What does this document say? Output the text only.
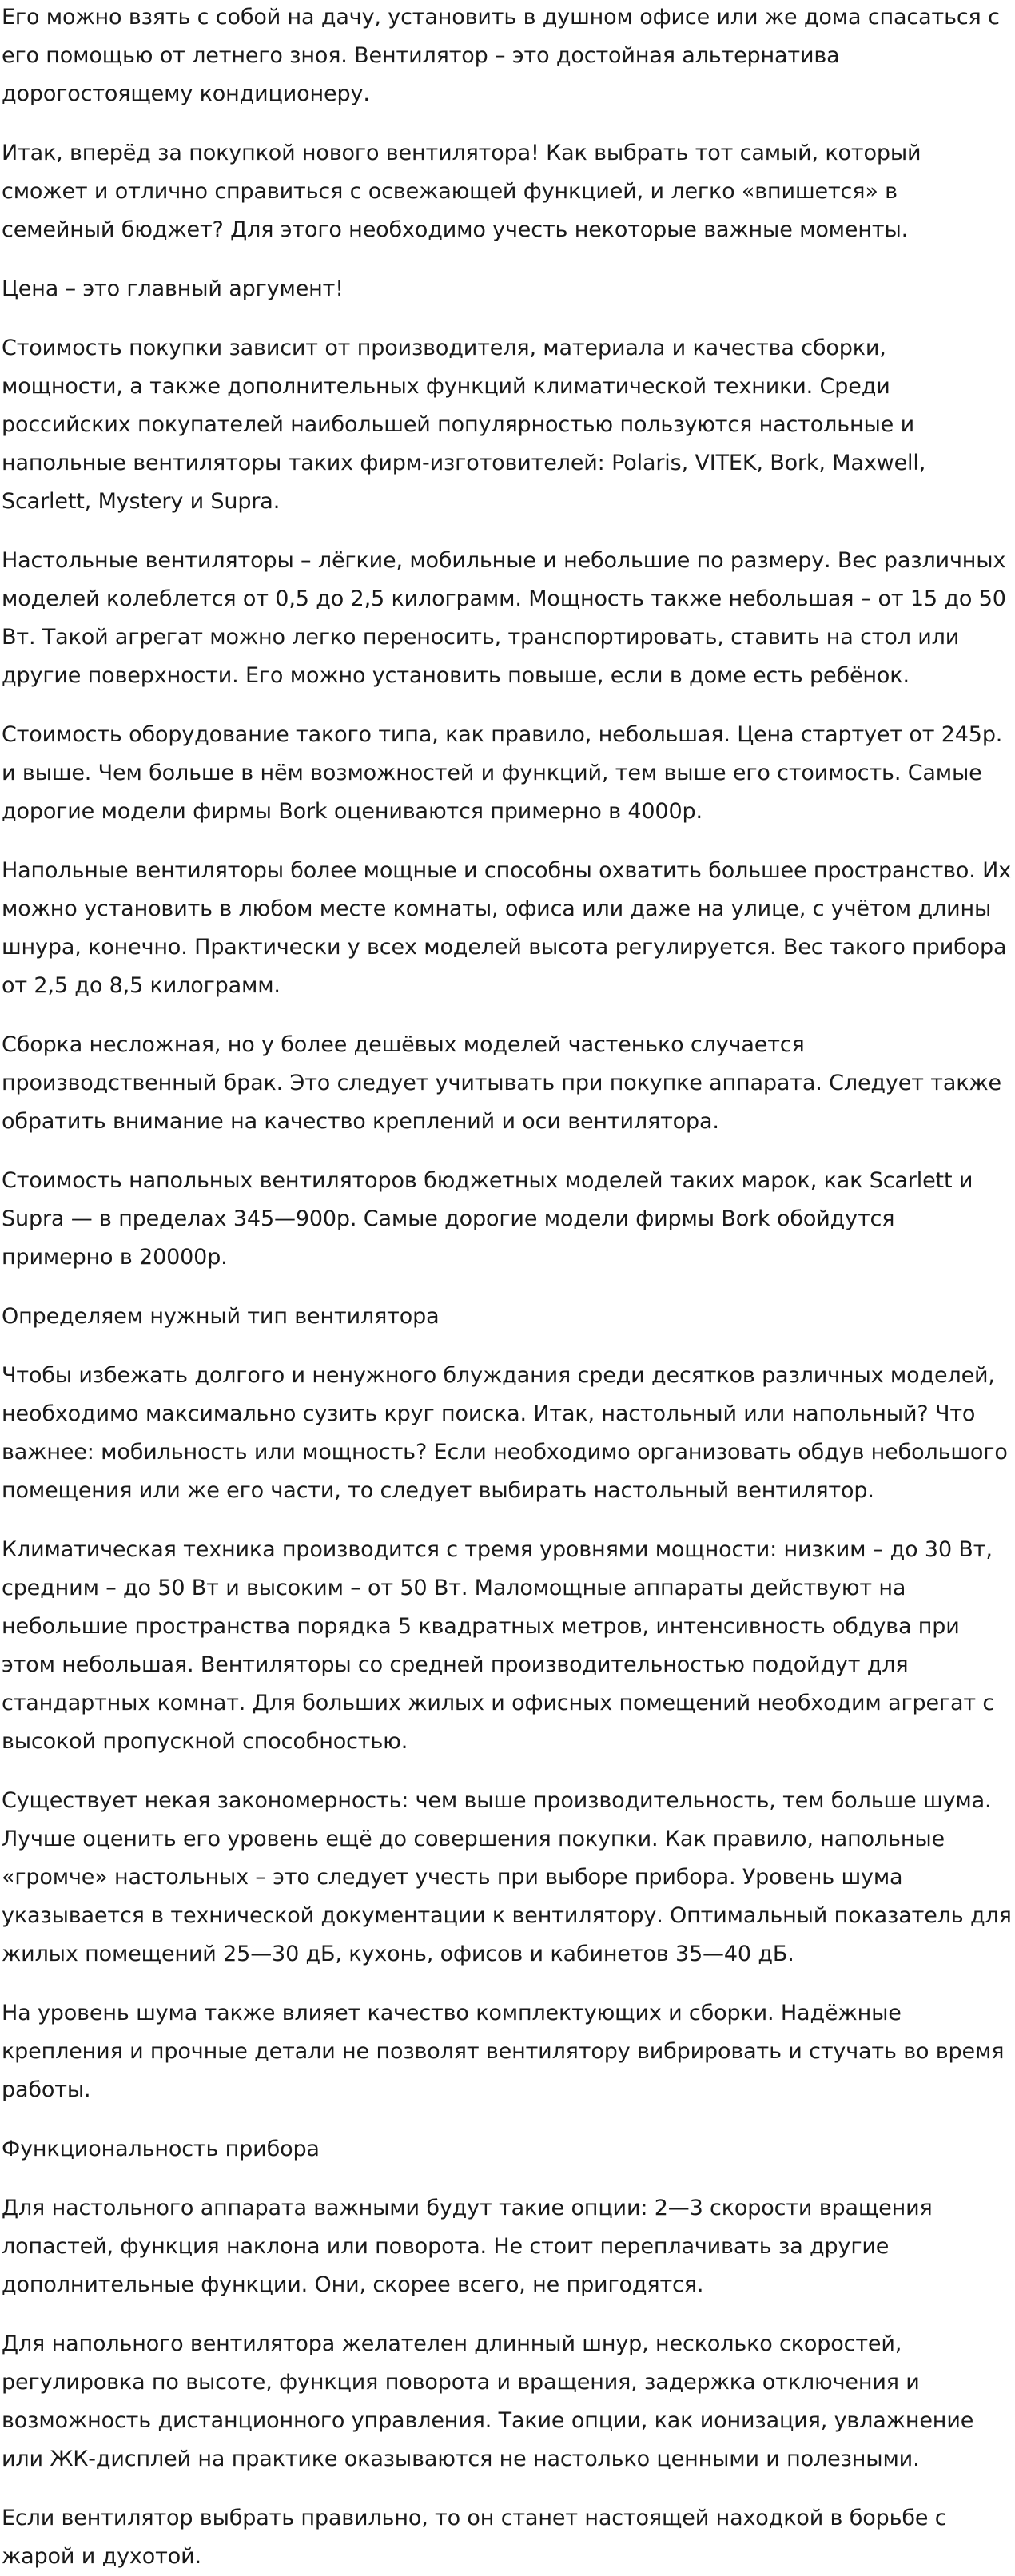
Его можно взять с собой на дачу, установить в душном офисе или же дома спасаться с его помощью от летнего зноя. Вентилятор – это достойная альтернатива дорогостоящему кондиционеру.

Итак, вперёд за покупкой нового вентилятора! Как выбрать тот самый, который сможет и отлично справиться с освежающей функцией, и легко «впишется» в семейный бюджет? Для этого необходимо учесть некоторые важные моменты.

Цена – это главный аргумент!

Стоимость покупки зависит от производителя, материала и качества сборки, мощности, а также дополнительных функций климатической техники. Среди российских покупателей наибольшей популярностью пользуются настольные и напольные вентиляторы таких фирм-изготовителей: Polaris, VITEK, Bork, Maxwell, Scarlett, Mystery и Supra.

Настольные вентиляторы – лёгкие, мобильные и небольшие по размеру. Вес различных моделей колеблется от 0,5 до 2,5 килограмм. Мощность также небольшая – от 15 до 50 Вт. Такой агрегат можно легко переносить, транспортировать, ставить на стол или другие поверхности. Его можно установить повыше, если в доме есть ребёнок.

Стоимость оборудование такого типа, как правило, небольшая. Цена стартует от 245р. и выше. Чем больше в нём возможностей и функций, тем выше его стоимость. Самые дорогие модели фирмы Bork оцениваются примерно в 4000р.

Напольные вентиляторы более мощные и способны охватить большее пространство. Их можно установить в любом месте комнаты, офиса или даже на улице, с учётом длины шнура, конечно. Практически у всех моделей высота регулируется. Вес такого прибора от 2,5 до 8,5 килограмм.

Сборка несложная, но у более дешёвых моделей частенько случается производственный брак. Это следует учитывать при покупке аппарата. Следует также обратить внимание на качество креплений и оси вентилятора.

Стоимость напольных вентиляторов бюджетных моделей таких марок, как Scarlett и Supra — в пределах 345—900р. Самые дорогие модели фирмы Bork обойдутся примерно в 20000р.

Определяем нужный тип вентилятора

Чтобы избежать долгого и ненужного блуждания среди десятков различных моделей, необходимо максимально сузить круг поиска. Итак, настольный или напольный? Что важнее: мобильность или мощность? Если необходимо организовать обдув небольшого помещения или же его части, то следует выбирать настольный вентилятор.

Климатическая техника производится с тремя уровнями мощности: низким – до 30 Вт, средним – до 50 Вт и высоким – от 50 Вт. Маломощные аппараты действуют на небольшие пространства порядка 5 квадратных метров, интенсивность обдува при этом небольшая. Вентиляторы со средней производительностью подойдут для стандартных комнат. Для больших жилых и офисных помещений необходим агрегат с высокой пропускной способностью.

Существует некая закономерность: чем выше производительность, тем больше шума. Лучше оценить его уровень ещё до совершения покупки. Как правило, напольные «громче» настольных – это следует учесть при выборе прибора. Уровень шума указывается в технической документации к вентилятору. Оптимальный показатель для жилых помещений 25—30 дБ, кухонь, офисов и кабинетов 35—40 дБ.

На уровень шума также влияет качество комплектующих и сборки. Надёжные крепления и прочные детали не позволят вентилятору вибрировать и стучать во время работы.

Функциональность прибора

Для настольного аппарата важными будут такие опции: 2—3 скорости вращения лопастей, функция наклона или поворота. Не стоит переплачивать за другие дополнительные функции. Они, скорее всего, не пригодятся.

Для напольного вентилятора желателен длинный шнур, несколько скоростей, регулировка по высоте, функция поворота и вращения, задержка отключения и возможность дистанционного управления. Такие опции, как ионизация, увлажнение или ЖК-дисплей на практике оказываются не настолько ценными и полезными.

Если вентилятор выбрать правильно, то он станет настоящей находкой в борьбе с жарой и духотой.
